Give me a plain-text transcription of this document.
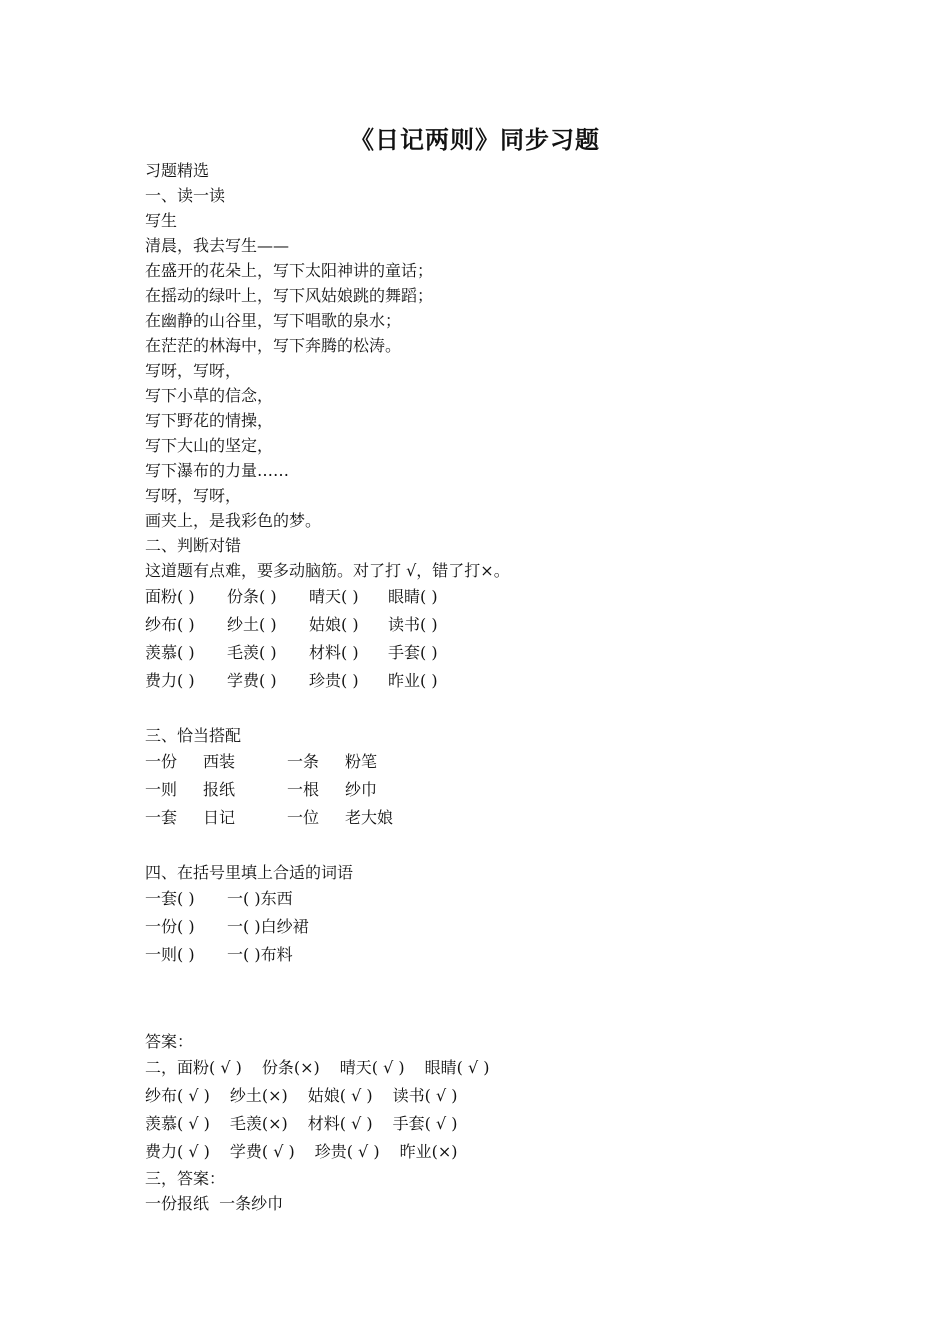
《日记两则》同步习题
习题精选
一、读一读
写生
清晨，我去写生——
在盛开的花朵上，写下太阳神讲的童话；
在摇动的绿叶上，写下风姑娘跳的舞蹈；
在幽静的山谷里，写下唱歌的泉水；
在茫茫的林海中，写下奔腾的松涛。
写呀，写呀，
写下小草的信念，
写下野花的情操，
写下大山的坚定，
写下瀑布的力量……
写呀，写呀，
画夹上，是我彩色的梦。
二、判断对错
这道题有点难，要多动脑筋。对了打 √，错了打×。
面粉( )	份条( )	晴天( )	眼睛( )
纱布( )	纱土( )	姑娘( )	读书( )
羡慕( )	毛羡( )	材料( )	手套( )
费力( )	学费( )	珍贵( )	昨业( )
三、恰当搭配
一份	西装	一条	粉笔
一则	报纸	一根	纱巾
一套	日记	一位	老大娘
四、在括号里填上合适的词语
一套( )	一( )东西
一份( )	一( )白纱裙
一则( )	一( )布料
答案：
二，面粉( √ ) 份条(×) 晴天( √ ) 眼睛( √ )
纱布( √ ) 纱土(×) 姑娘( √ ) 读书( √ )
羡慕( √ ) 毛羡(×) 材料( √ ) 手套( √ )
费力( √ ) 学费( √ ) 珍贵( √ ) 昨业(×)
三，答案：
一份报纸  一条纱巾
